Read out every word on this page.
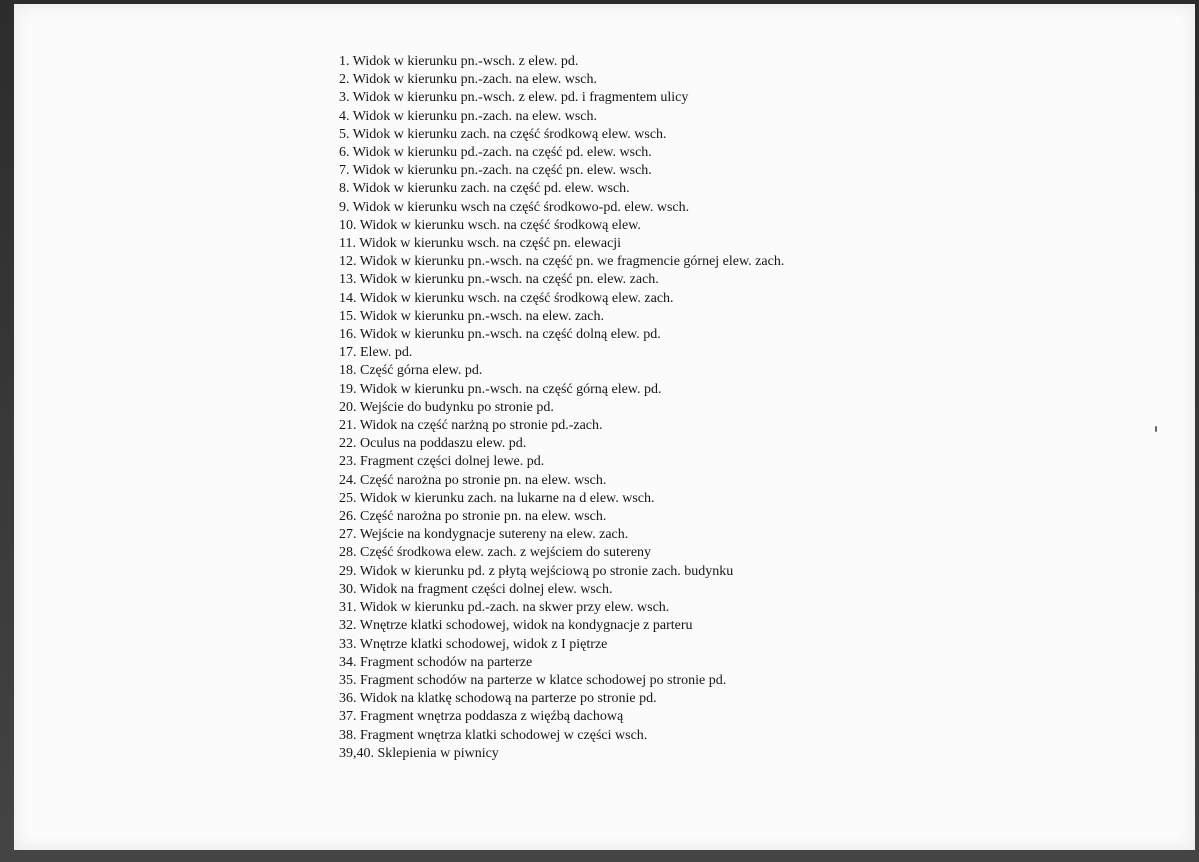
1. Widok w kierunku pn.-wsch. z elew. pd.
2. Widok w kierunku pn.-zach. na elew. wsch.
3. Widok w kierunku pn.-wsch. z elew. pd. i fragmentem ulicy
4. Widok w kierunku pn.-zach. na elew. wsch.
5. Widok w kierunku zach. na część środkową elew. wsch.
6. Widok w kierunku pd.-zach. na część pd. elew. wsch.
7. Widok w kierunku pn.-zach. na część pn. elew. wsch.
8. Widok w kierunku zach. na część pd. elew. wsch.
9. Widok w kierunku wsch na część środkowo-pd. elew. wsch.
10. Widok w kierunku wsch. na część środkową elew.
11. Widok w kierunku wsch. na część pn. elewacji
12. Widok w kierunku pn.-wsch. na część pn. we fragmencie górnej elew. zach.
13. Widok w kierunku pn.-wsch. na część pn. elew. zach.
14. Widok w kierunku wsch. na część środkową elew. zach.
15. Widok w kierunku pn.-wsch. na elew. zach.
16. Widok w kierunku pn.-wsch. na część dolną elew. pd.
17. Elew. pd.
18. Część górna elew. pd.
19. Widok w kierunku pn.-wsch. na część górną elew. pd.
20. Wejście do budynku po stronie pd.
21. Widok na część narżną po stronie pd.-zach.
22. Oculus na poddaszu elew. pd.
23. Fragment części dolnej lewe. pd.
24. Część narożna po stronie pn. na elew. wsch.
25. Widok w kierunku zach. na lukarne na d elew. wsch.
26. Część narożna po stronie pn. na elew. wsch.
27. Wejście na kondygnacje sutereny na elew. zach.
28. Część środkowa elew. zach. z wejściem do sutereny
29. Widok w kierunku pd. z płytą wejściową po stronie zach. budynku
30. Widok na fragment części dolnej elew. wsch.
31. Widok w kierunku pd.-zach. na skwer przy elew. wsch.
32. Wnętrze klatki schodowej, widok na kondygnacje z parteru
33. Wnętrze klatki schodowej, widok z I piętrze
34. Fragment schodów na parterze
35. Fragment schodów na parterze w klatce schodowej po stronie pd.
36. Widok na klatkę schodową na parterze po stronie pd.
37. Fragment wnętrza poddasza z więźbą dachową
38. Fragment wnętrza klatki schodowej w części wsch.
39,40. Sklepienia w piwnicy
